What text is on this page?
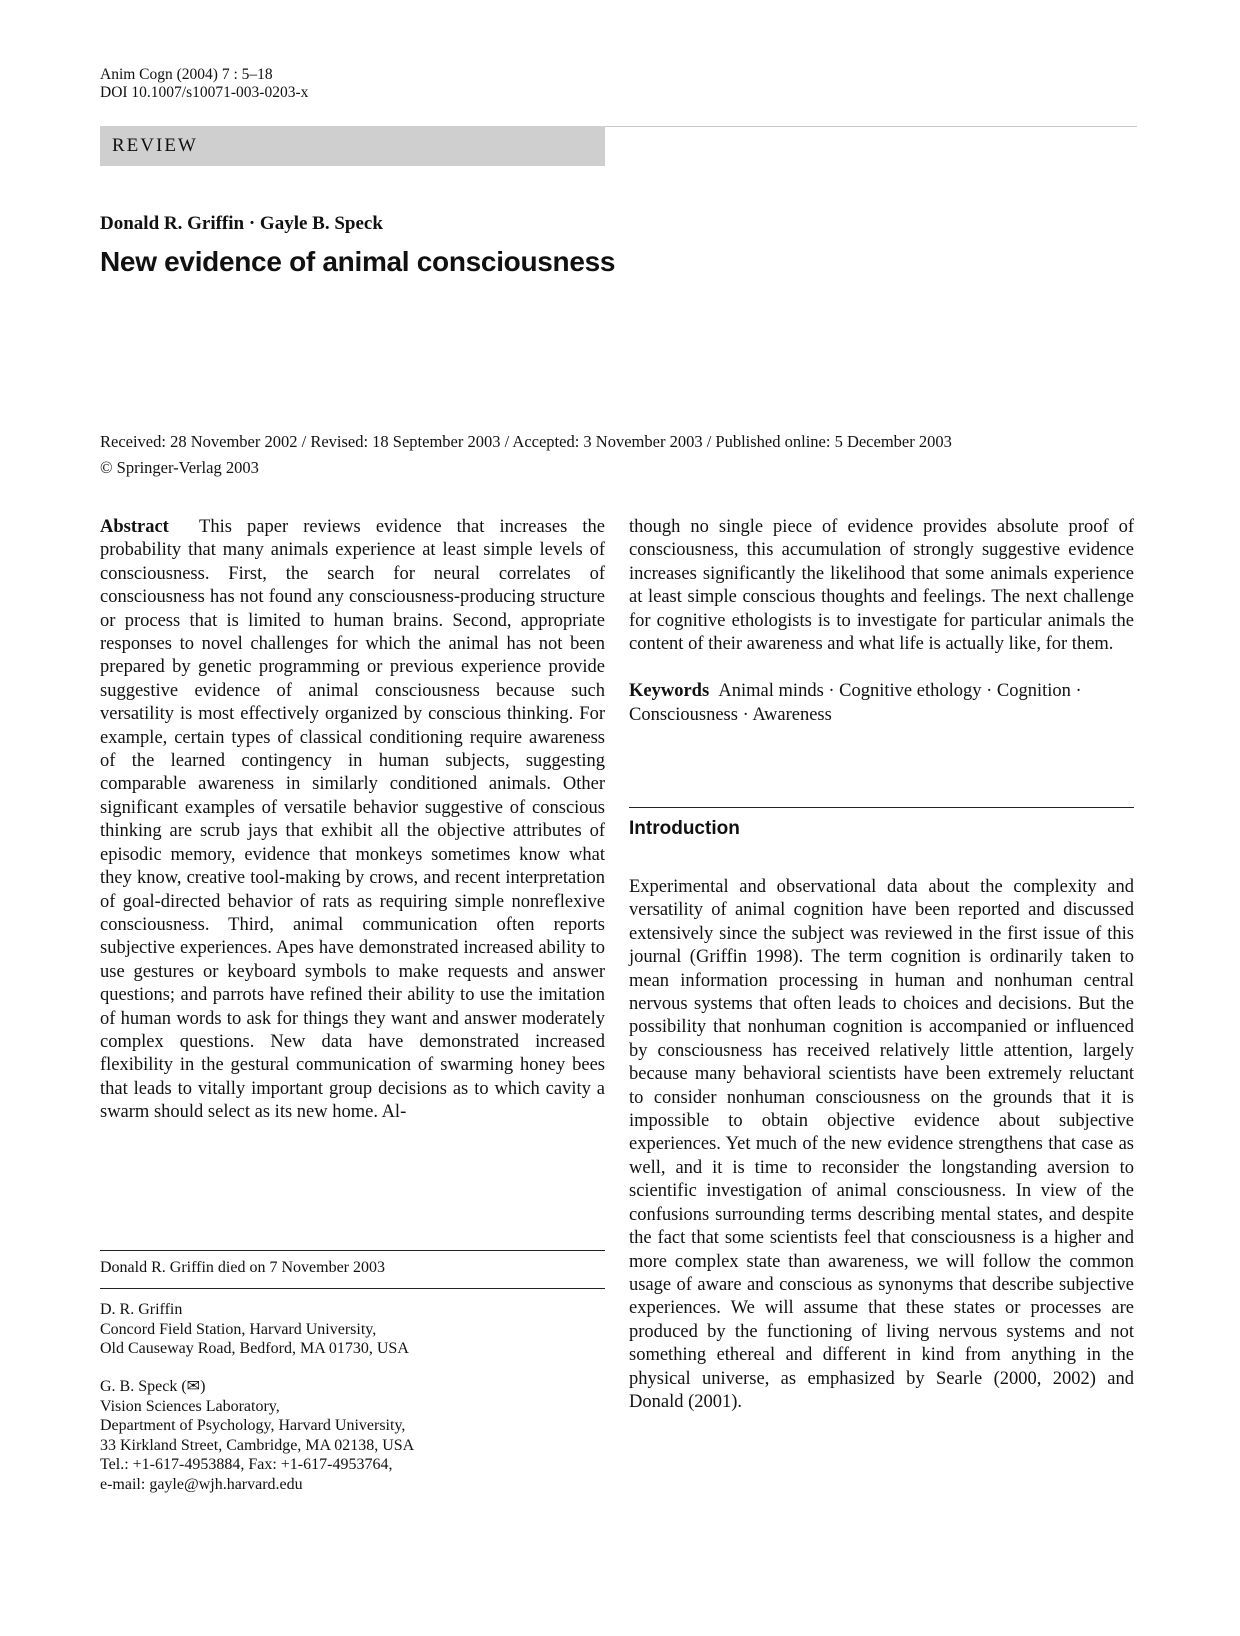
Anim Cogn (2004) 7 : 5–18
DOI 10.1007/s10071-003-0203-x
REVIEW
Donald R. Griffin · Gayle B. Speck
New evidence of animal consciousness
Received: 28 November 2002 / Revised: 18 September 2003 / Accepted: 3 November 2003 / Published online: 5 December 2003
© Springer-Verlag 2003

Abstract This paper reviews evidence that increases the probability that many animals experience at least simple levels of consciousness. First, the search for neural correlates of consciousness has not found any consciousness-producing structure or process that is limited to human brains. Second, appropriate responses to novel challenges for which the animal has not been prepared by genetic programming or previous experience provide suggestive evidence of animal consciousness because such versatility is most effectively organized by conscious thinking. For example, certain types of classical conditioning require awareness of the learned contingency in human subjects, suggesting comparable awareness in similarly conditioned animals. Other significant examples of versatile behavior suggestive of conscious thinking are scrub jays that exhibit all the objective attributes of episodic memory, evidence that monkeys sometimes know what they know, creative tool-making by crows, and recent interpretation of goal-directed behavior of rats as requiring simple nonreflexive consciousness. Third, animal communication often reports subjective experiences. Apes have demonstrated increased ability to use gestures or keyboard symbols to make requests and answer questions; and parrots have refined their ability to use the imitation of human words to ask for things they want and answer moderately complex questions. New data have demonstrated increased flexibility in the gestural communication of swarming honey bees that leads to vitally important group decisions as to which cavity a swarm should select as its new home. Al-

though no single piece of evidence provides absolute proof of consciousness, this accumulation of strongly suggestive evidence increases significantly the likelihood that some animals experience at least simple conscious thoughts and feelings. The next challenge for cognitive ethologists is to investigate for particular animals the content of their awareness and what life is actually like, for them.

Keywords Animal minds · Cognitive ethology · Cognition · Consciousness · Awareness

Introduction

Experimental and observational data about the complexity and versatility of animal cognition have been reported and discussed extensively since the subject was reviewed in the first issue of this journal (Griffin 1998). The term cognition is ordinarily taken to mean information processing in human and nonhuman central nervous systems that often leads to choices and decisions. But the possibility that nonhuman cognition is accompanied or influenced by consciousness has received relatively little attention, largely because many behavioral scientists have been extremely reluctant to consider nonhuman consciousness on the grounds that it is impossible to obtain objective evidence about subjective experiences. Yet much of the new evidence strengthens that case as well, and it is time to reconsider the longstanding aversion to scientific investigation of animal consciousness. In view of the confusions surrounding terms describing mental states, and despite the fact that some scientists feel that consciousness is a higher and more complex state than awareness, we will follow the common usage of aware and conscious as synonyms that describe subjective experiences. We will assume that these states or processes are produced by the functioning of living nervous systems and not something ethereal and different in kind from anything in the physical universe, as emphasized by Searle (2000, 2002) and Donald (2001).

Donald R. Griffin died on 7 November 2003
D. R. Griffin
Concord Field Station, Harvard University,
Old Causeway Road, Bedford, MA 01730, USA
G. B. Speck (✉)
Vision Sciences Laboratory,
Department of Psychology, Harvard University,
33 Kirkland Street, Cambridge, MA 02138, USA
Tel.: +1-617-4953884, Fax: +1-617-4953764,
e-mail: gayle@wjh.harvard.edu
